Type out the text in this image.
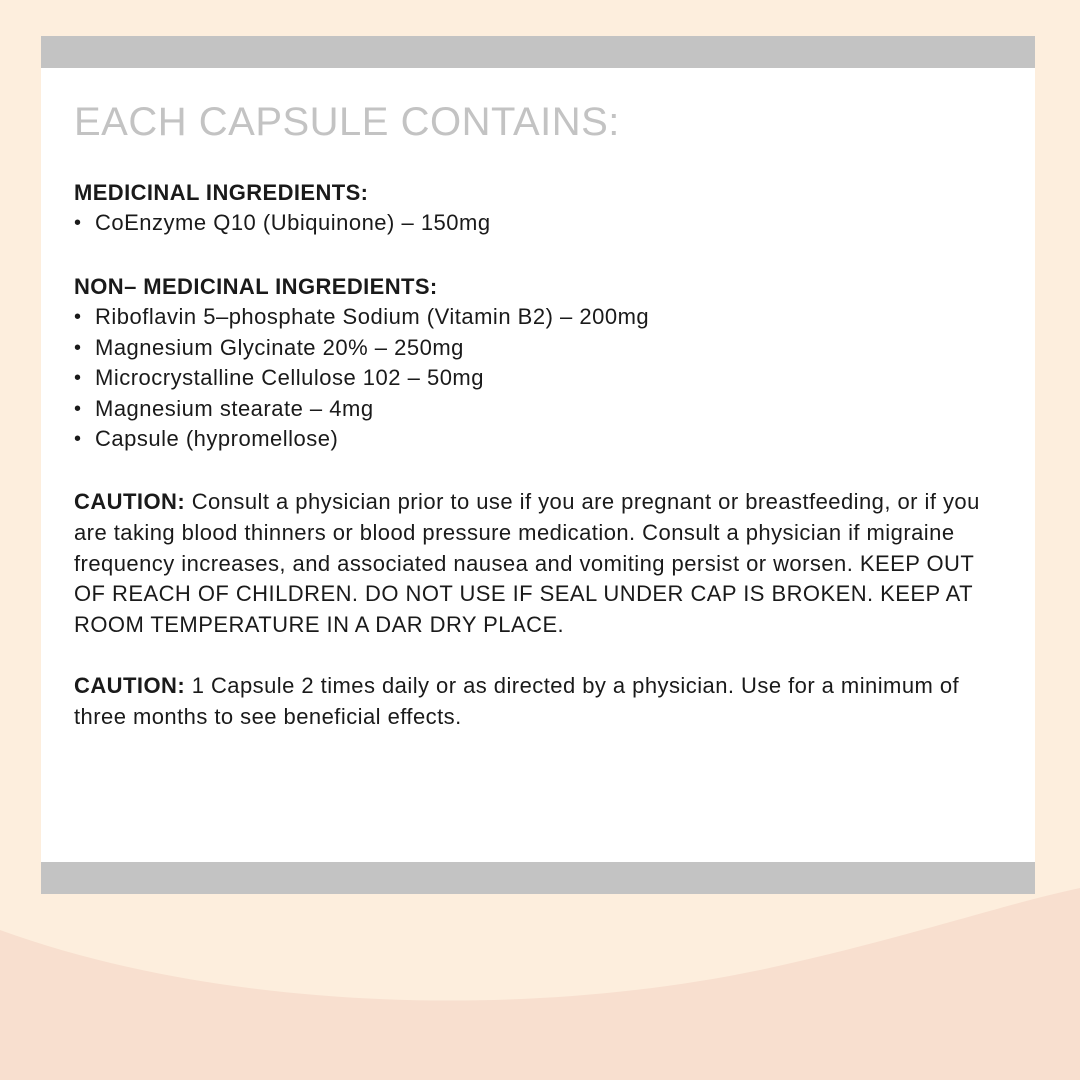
EACH CAPSULE CONTAINS:
MEDICINAL INGREDIENTS:
• CoEnzyme Q10 (Ubiquinone) – 150mg
NON– MEDICINAL INGREDIENTS:
• Riboflavin 5–phosphate Sodium (Vitamin B2) – 200mg
• Magnesium Glycinate 20% – 250mg
• Microcrystalline Cellulose 102 – 50mg
• Magnesium stearate – 4mg
• Capsule (hypromellose)

CAUTION: Consult a physician prior to use if you are pregnant or breastfeeding, or if you are taking blood thinners or blood pressure medication. Consult a physician if migraine frequency increases, and associated nausea and vomiting persist or worsen. KEEP OUT OF REACH OF CHILDREN. DO NOT USE IF SEAL UNDER CAP IS BROKEN. KEEP AT ROOM TEMPERATURE IN A DAR DRY PLACE.

CAUTION: 1 Capsule 2 times daily or as directed by a physician. Use for a minimum of three months to see beneficial effects.
